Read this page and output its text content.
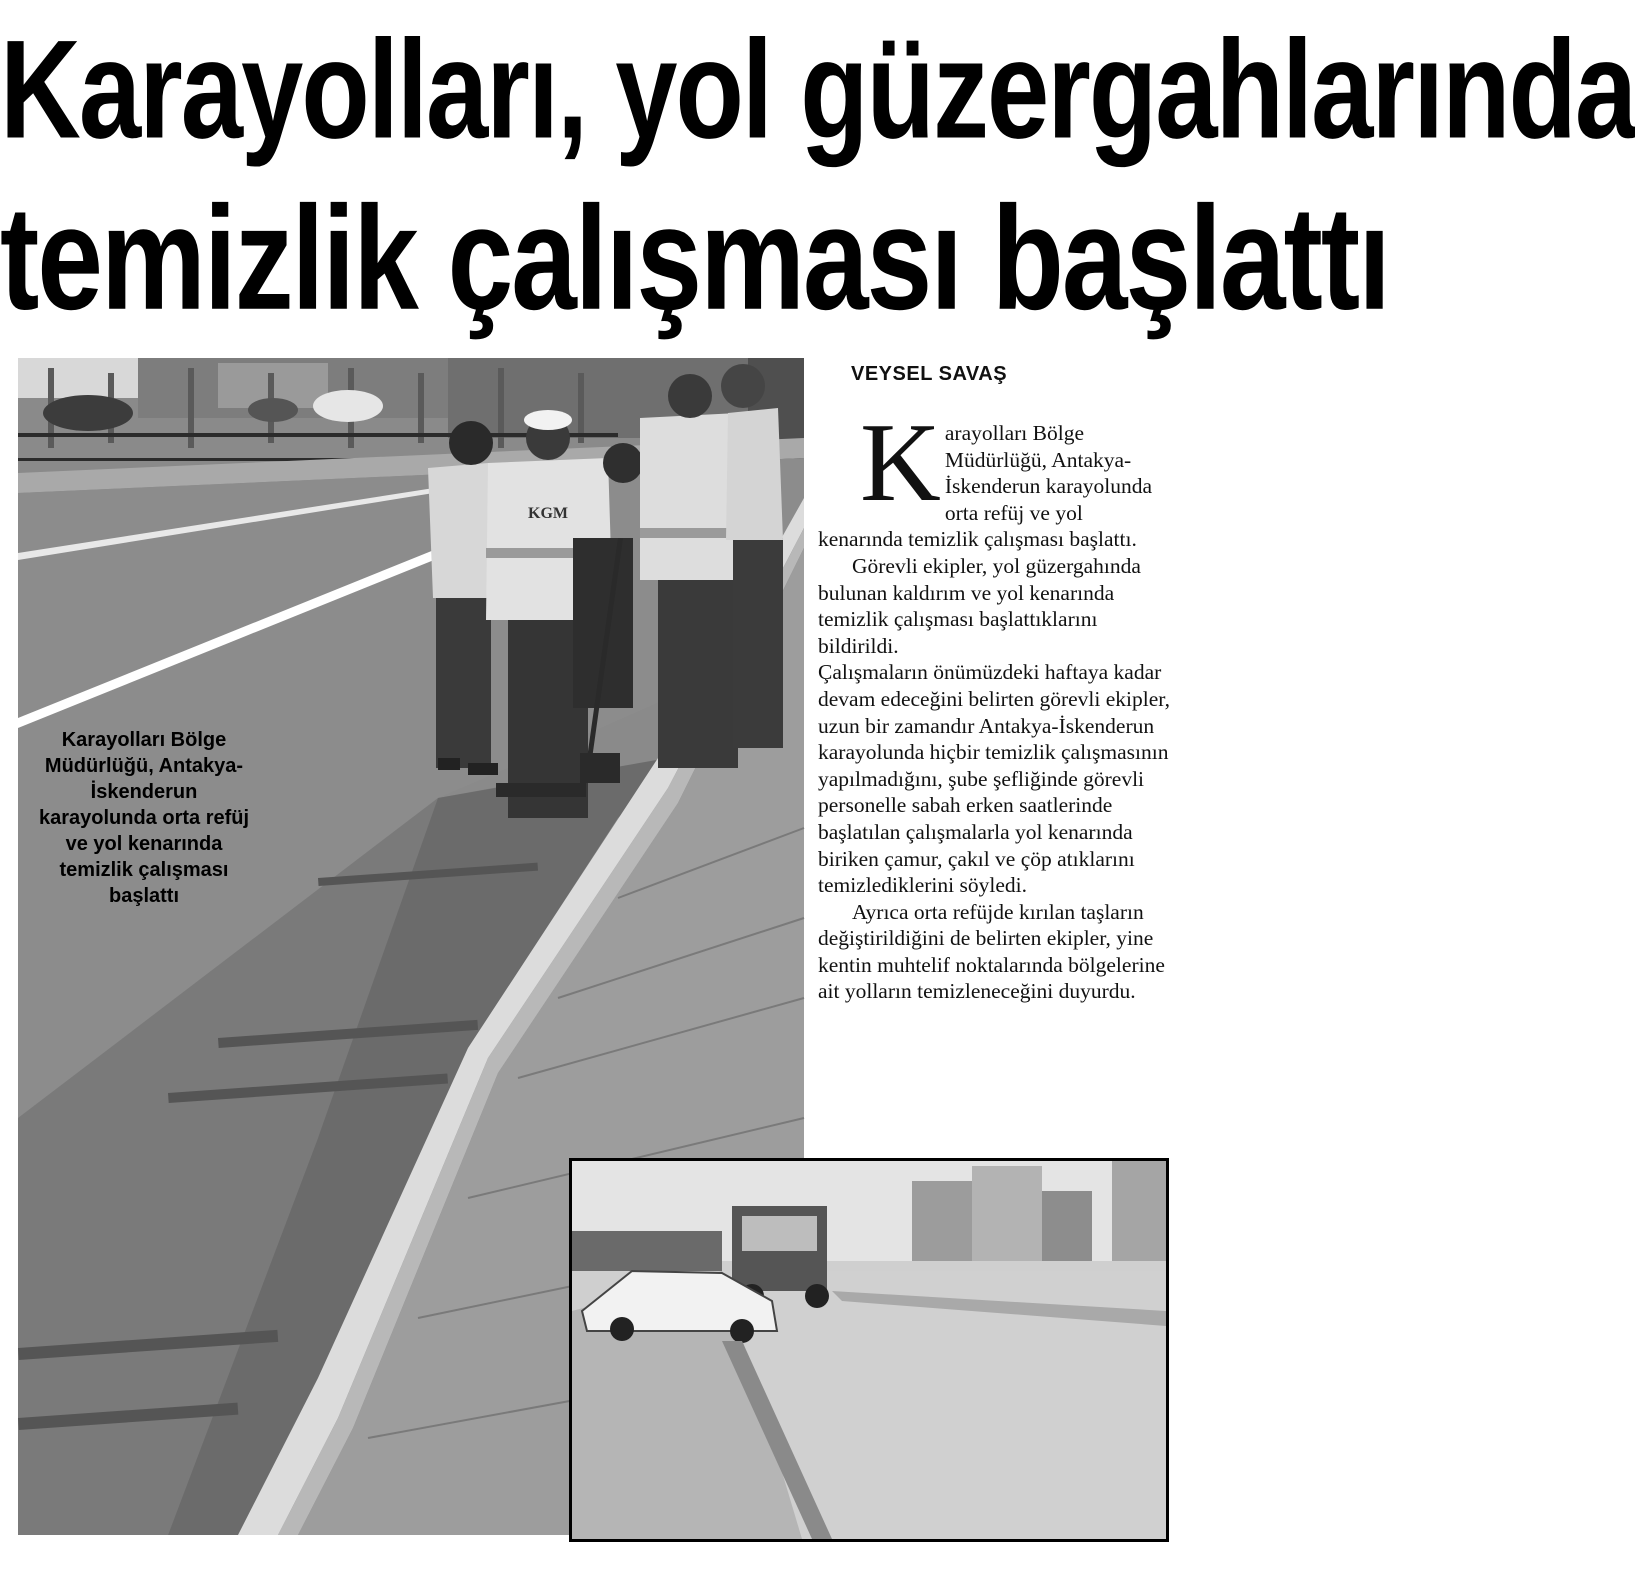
Karayolları, yol güzergahlarında
temizlik çalışması başlattı
KGM
Karayolları Bölge
Müdürlüğü, Antakya-
İskenderun
karayolunda orta refüj
ve yol kenarında
temizlik çalışması
başlattı
VEYSEL SAVAŞ

Karayolları Bölge Müdürlüğü, Antakya-İskenderun karayolunda orta refüj ve yol kenarında temizlik çalışması başlattı.

Görevli ekipler, yol güzergahında bulunan kaldırım ve yol kenarında temizlik çalışması başlattıklarını bildirildi.

Çalışmaların önümüzdeki haftaya kadar devam edeceğini belirten görevli ekipler, uzun bir zamandır Antakya-İskenderun karayolunda hiçbir temizlik çalışmasının yapılmadığını, şube şefliğinde görevli personelle sabah erken saatlerinde başlatılan çalışmalarla yol kenarında biriken çamur, çakıl ve çöp atıklarını temizlediklerini söyledi.

Ayrıca orta refüjde kırılan taşların değiştirildiğini de belirten ekipler, yine kentin muhtelif noktalarında bölgelerine ait yolların temizleneceğini duyurdu.
